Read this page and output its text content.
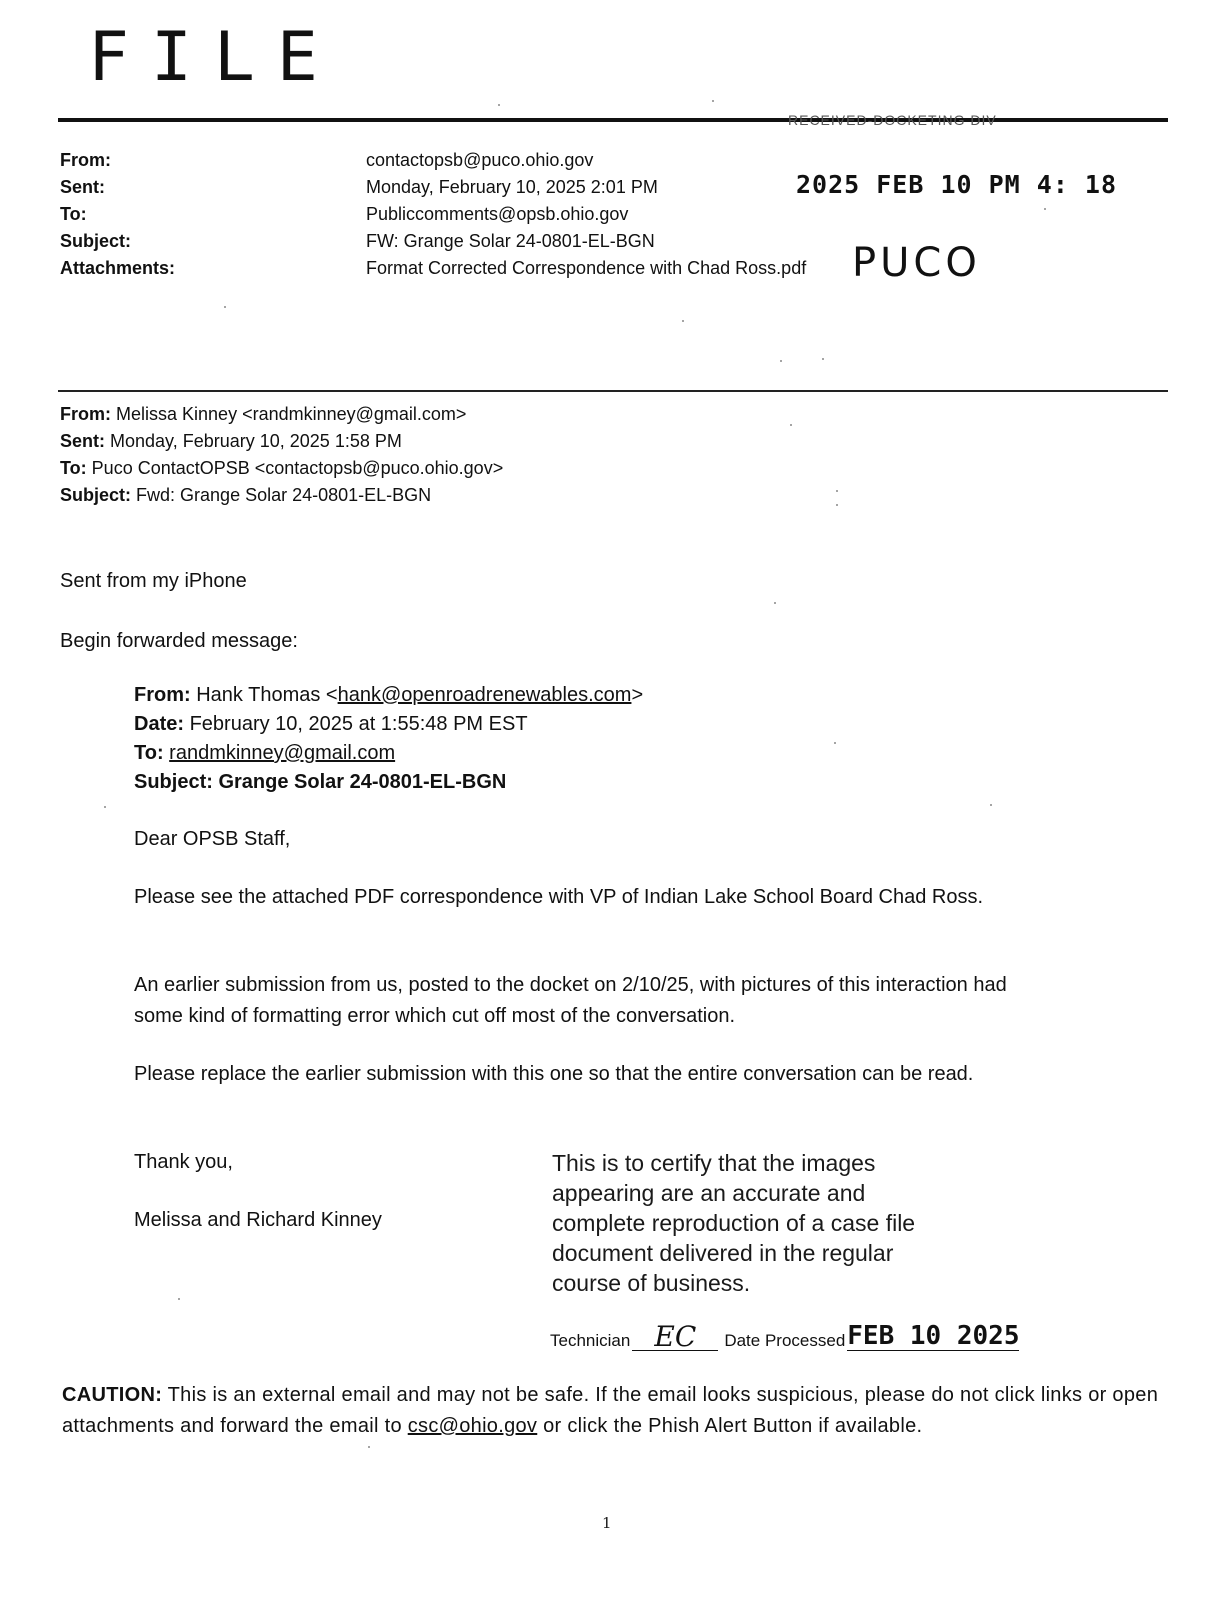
FILE
RECEIVED-DOCKETING DIV
2025 FEB 10 PM 4: 18
PUCO
From:	contactopsb@puco.ohio.gov
Sent:	Monday, February 10, 2025 2:01 PM
To:	Publiccomments@opsb.ohio.gov
Subject:	FW: Grange Solar 24-0801-EL-BGN
Attachments:	Format Corrected Correspondence with Chad Ross.pdf
From: Melissa Kinney <randmkinney@gmail.com>
Sent: Monday, February 10, 2025 1:58 PM
To: Puco ContactOPSB <contactopsb@puco.ohio.gov>
Subject: Fwd: Grange Solar 24-0801-EL-BGN
Sent from my iPhone
Begin forwarded message:
From: Hank Thomas <hank@openroadrenewables.com>
Date: February 10, 2025 at 1:55:48 PM EST
To: randmkinney@gmail.com
Subject: Grange Solar 24-0801-EL-BGN
Dear OPSB Staff,
Please see the attached PDF correspondence with VP of Indian Lake School Board Chad Ross.
An earlier submission from us, posted to the docket on 2/10/25, with pictures of this interaction had some kind of formatting error which cut off most of the conversation.
Please replace the earlier submission with this one so that the entire conversation can be read.
Thank you,
Melissa and Richard Kinney
This is to certify that the images
appearing are an accurate and
complete reproduction of a case file
document delivered in the regular
course of business.
Technician EC	Date Processed FEB 10 2025
CAUTION: This is an external email and may not be safe. If the email looks suspicious, please do not click links or open attachments and forward the email to csc@ohio.gov or click the Phish Alert Button if available.
1
